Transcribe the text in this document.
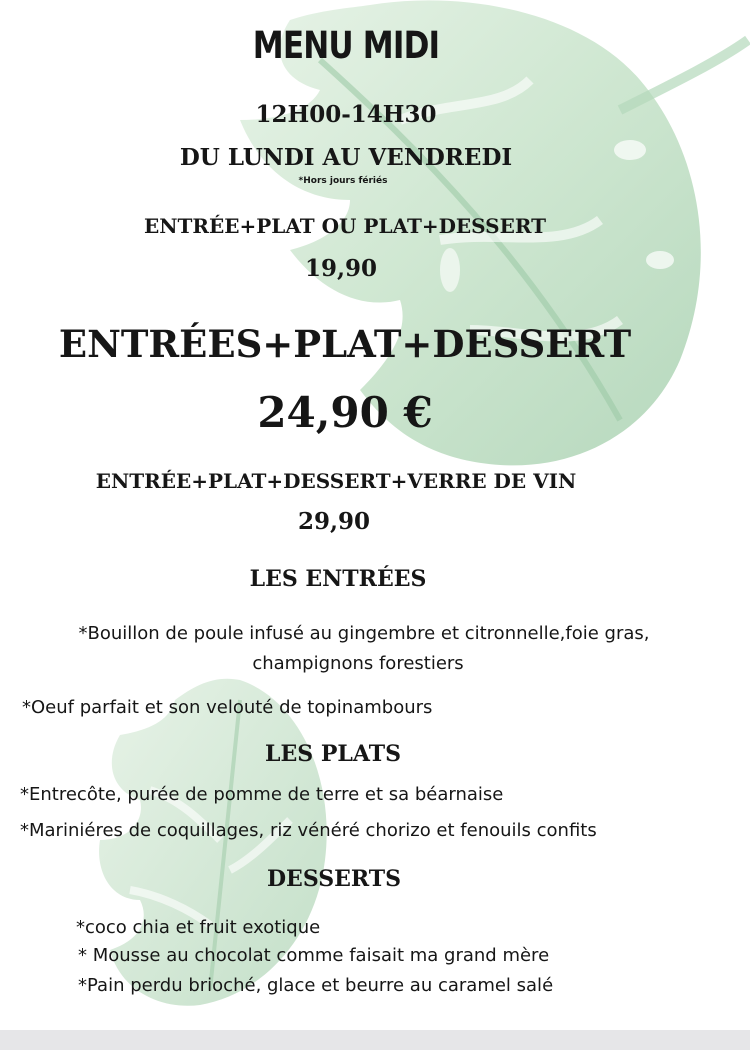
MENU MIDI

12H00-14H30

DU LUNDI AU VENDREDI

*Hors jours fériés

ENTRÉE+PLAT OU PLAT+DESSERT

19,90

ENTRÉES+PLAT+DESSERT

24,90 €

ENTRÉE+PLAT+DESSERT+VERRE DE VIN

29,90

LES ENTRÉES

*Bouillon de poule infusé au gingembre et citronnelle,foie gras,

champignons forestiers

*Oeuf parfait et son velouté de topinambours

LES PLATS

*Entrecôte, purée de pomme de terre et sa béarnaise

*Mariniéres de coquillages, riz vénéré chorizo et fenouils confits

DESSERTS

*coco chia et fruit exotique

* Mousse au chocolat comme faisait ma grand mère

*Pain perdu brioché, glace et beurre au caramel salé
